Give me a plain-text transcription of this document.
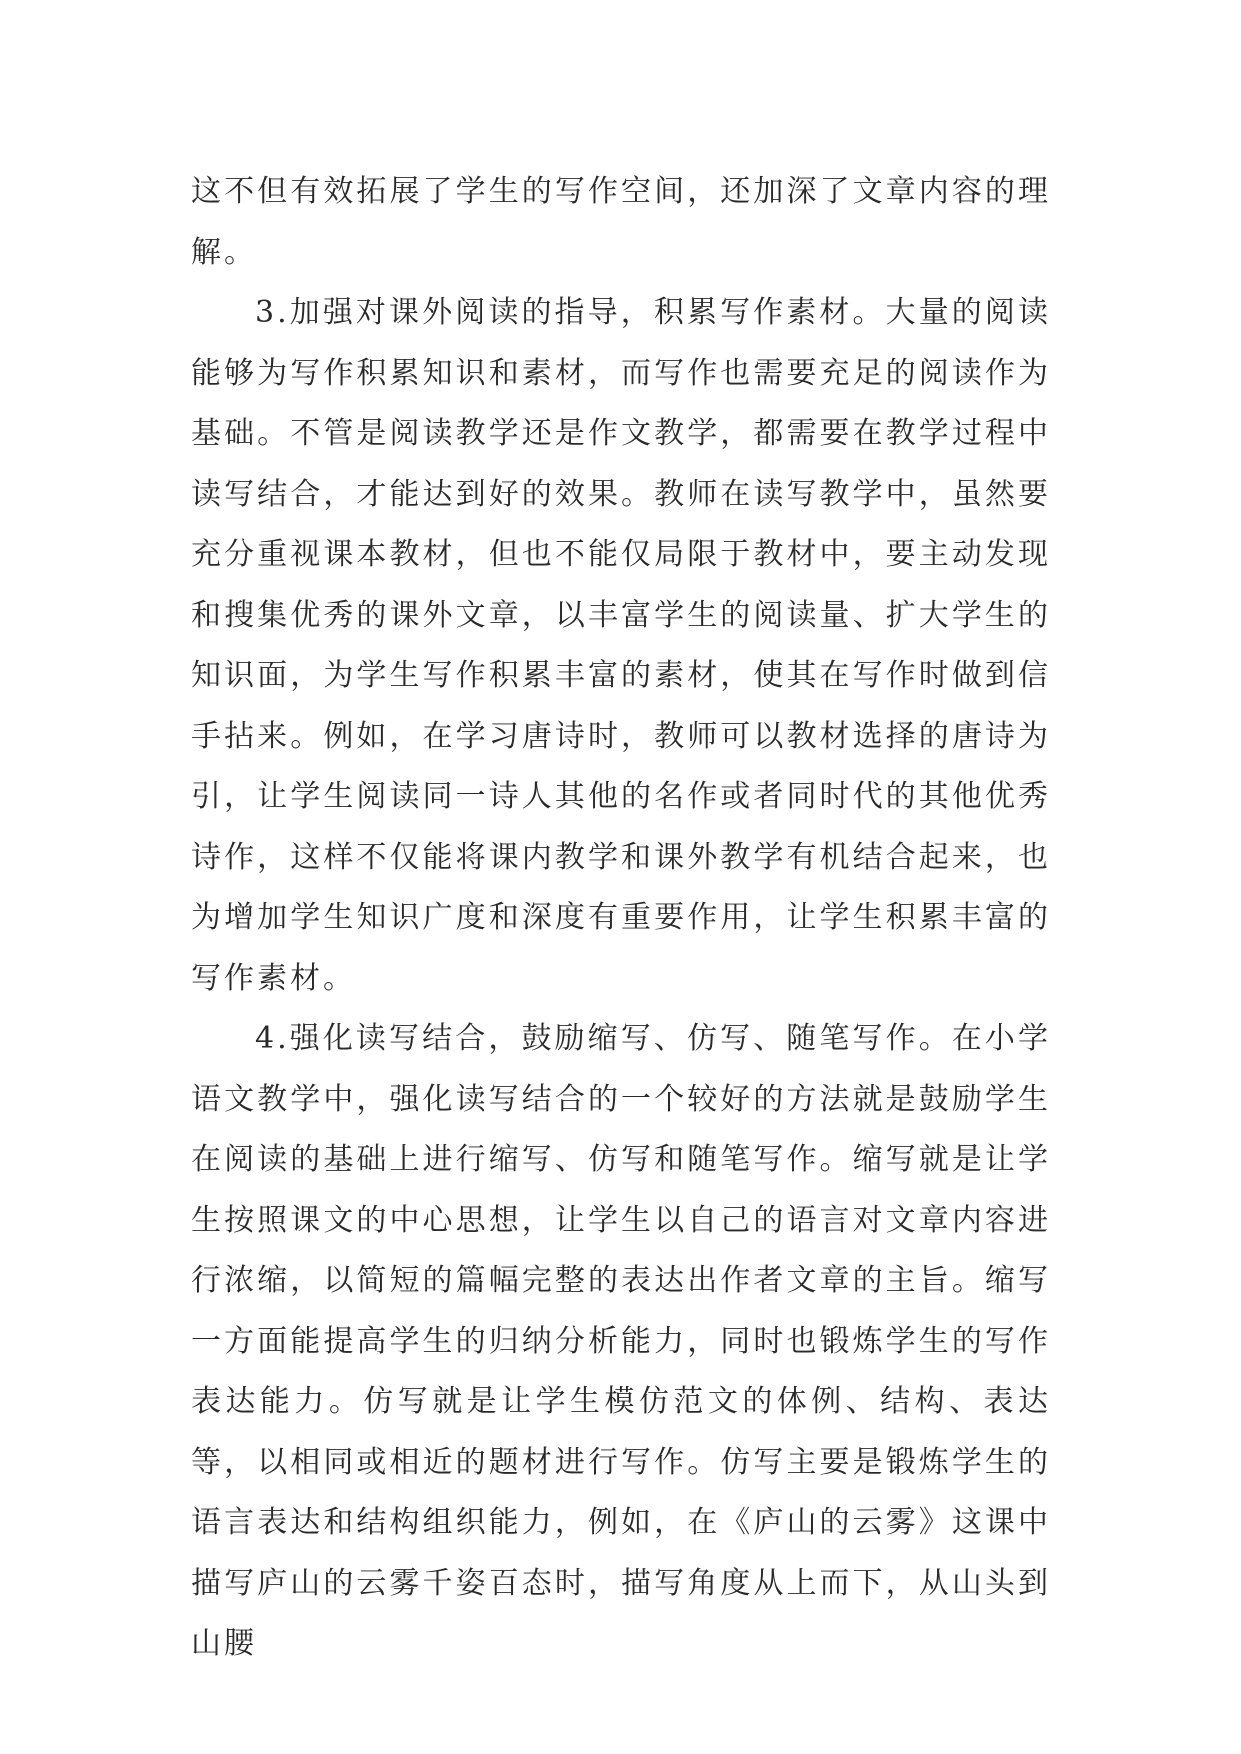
这不但有效拓展了学生的写作空间，还加深了文章内容的理解。

3.加强对课外阅读的指导，积累写作素材。大量的阅读能够为写作积累知识和素材，而写作也需要充足的阅读作为基础。不管是阅读教学还是作文教学，都需要在教学过程中读写结合，才能达到好的效果。教师在读写教学中，虽然要充分重视课本教材，但也不能仅局限于教材中，要主动发现和搜集优秀的课外文章，以丰富学生的阅读量、扩大学生的知识面，为学生写作积累丰富的素材，使其在写作时做到信手拈来。例如，在学习唐诗时，教师可以教材选择的唐诗为引，让学生阅读同一诗人其他的名作或者同时代的其他优秀诗作，这样不仅能将课内教学和课外教学有机结合起来，也为增加学生知识广度和深度有重要作用，让学生积累丰富的写作素材。

4.强化读写结合，鼓励缩写、仿写、随笔写作。在小学语文教学中，强化读写结合的一个较好的方法就是鼓励学生在阅读的基础上进行缩写、仿写和随笔写作。缩写就是让学生按照课文的中心思想，让学生以自己的语言对文章内容进行浓缩，以简短的篇幅完整的表达出作者文章的主旨。缩写一方面能提高学生的归纳分析能力，同时也锻炼学生的写作表达能力。仿写就是让学生模仿范文的体例、结构、表达等，以相同或相近的题材进行写作。仿写主要是锻炼学生的语言表达和结构组织能力，例如，在《庐山的云雾》这课中描写庐山的云雾千姿百态时，描写角度从上而下，从山头到山腰
